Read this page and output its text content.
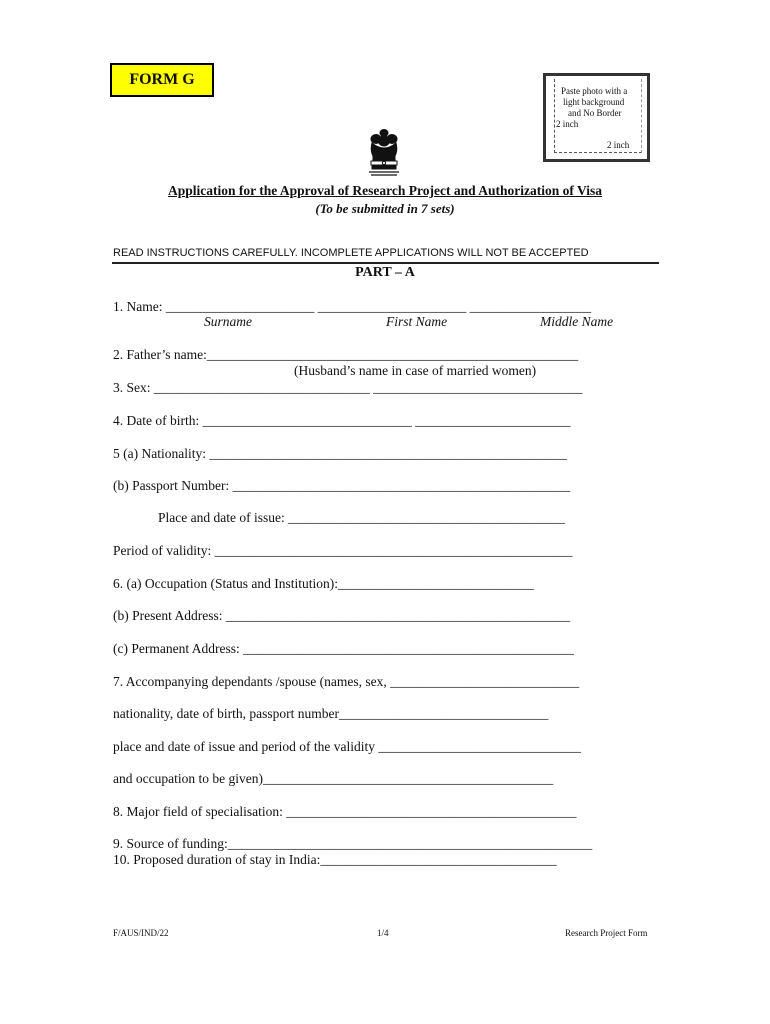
FORM G
Paste photo with a
light background
and No Border
2 inch
2 inch
Application for the Approval of Research Project and Authorization of Visa
(To be submitted in 7 sets)
READ INSTRUCTIONS CAREFULLY. INCOMPLETE APPLICATIONS WILL NOT BE ACCEPTED
PART – A
1. Name: ______________________ ______________________ __________________
Surname	First Name	Middle Name
2. Father’s name:_______________________________________________________
(Husband’s name in case of married women)
3. Sex: ________________________________ _______________________________
4. Date of birth: _______________________________ _______________________
5 (a) Nationality: _____________________________________________________
(b) Passport Number: __________________________________________________
Place and date of issue: _________________________________________
Period of validity: _____________________________________________________
6. (a) Occupation (Status and Institution):_____________________________
(b) Present Address: ___________________________________________________
(c) Permanent Address: _________________________________________________
7. Accompanying dependants /spouse (names, sex, ____________________________
nationality, date of birth, passport number_______________________________
place and date of issue and period of the validity ______________________________
and occupation to be given)___________________________________________
8. Major field of specialisation: ___________________________________________
9. Source of funding:______________________________________________________
10. Proposed duration of stay in India:___________________________________
F/AUS/IND/22	1/4	Research Project Form
